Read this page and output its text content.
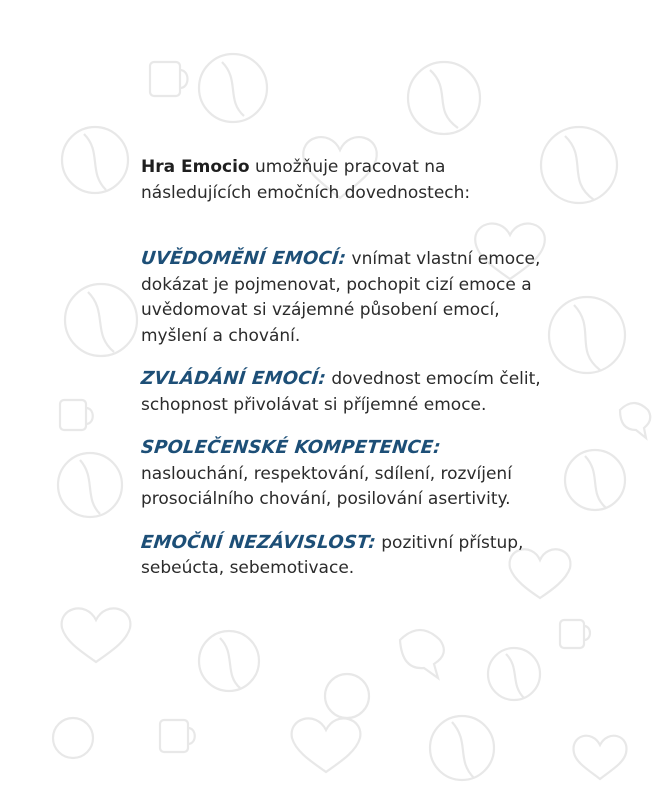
Hra Emocio umožňuje pracovat na následujících emočních dovednostech:

UVĚDOMĚNÍ EMOCÍ: vnímat vlastní emoce, dokázat je pojmenovat, pochopit cizí emoce a uvědomovat si vzájemné působení emocí, myšlení a chování.

ZVLÁDÁNÍ EMOCÍ: dovednost emocím čelit, schopnost přivolávat si příjemné emoce.

SPOLEČENSKÉ KOMPETENCE: naslouchání, respektování, sdílení, rozvíjení prosociálního chování, posilování asertivity.

EMOČNÍ NEZÁVISLOST: pozitivní přístup, sebeúcta, sebemotivace.
